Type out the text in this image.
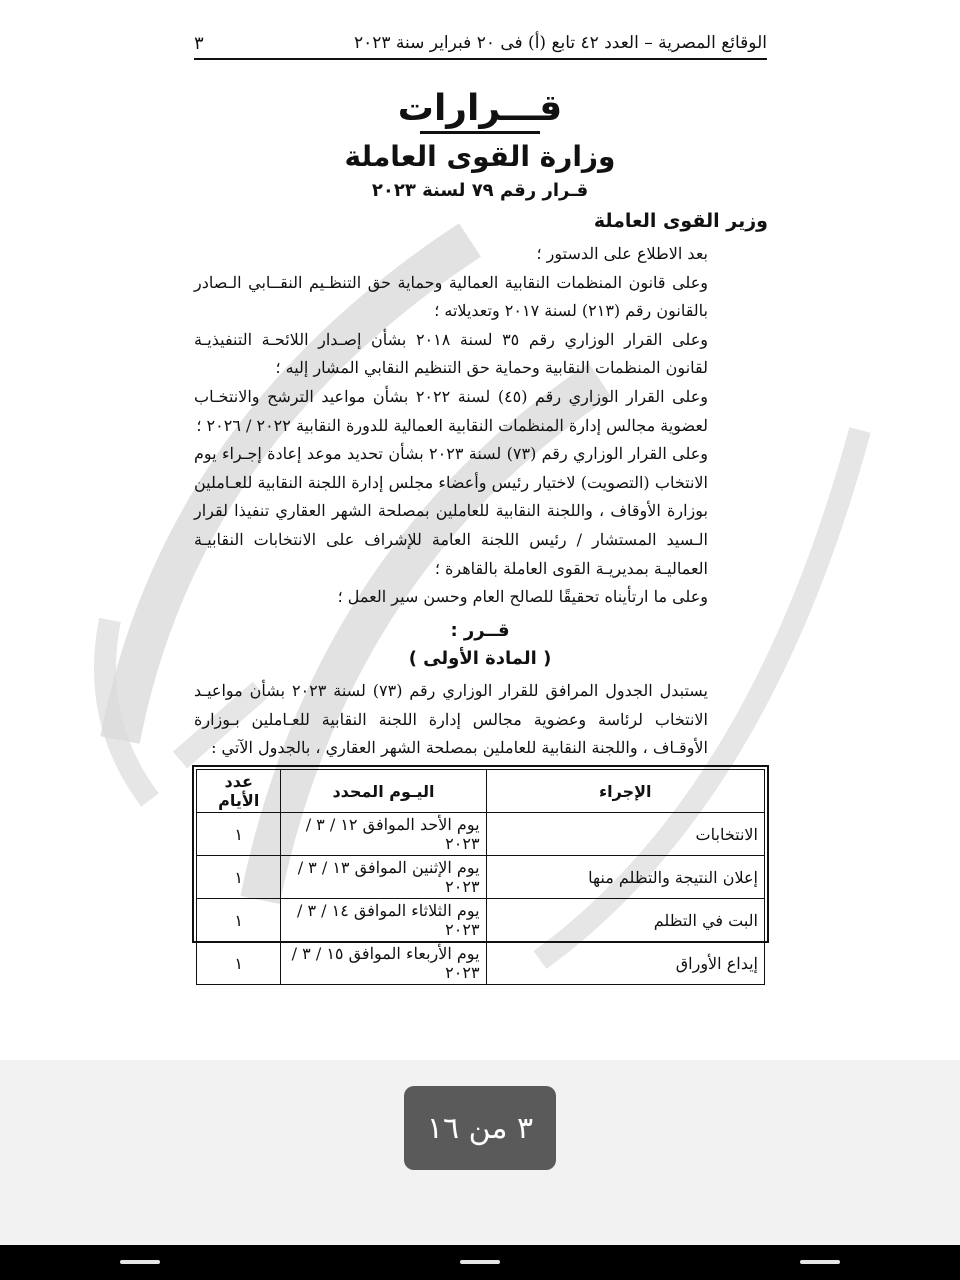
الوقائع المصرية – العدد ٤٢ تابع (أ) فى ٢٠ فبراير سنة ٢٠٢٣
٣
قـــرارات
وزارة القوى العاملة
قـرار رقم ٧٩ لسنة ٢٠٢٣
وزير القوى العاملة

بعد الاطلاع على الدستور ؛

وعلى قانون المنظمات النقابية العمالية وحماية حق التنظـيم النقــابي الـصادر بالقانون رقم (٢١٣) لسنة ٢٠١٧ وتعديلاته ؛

وعلى القرار الوزاري رقم ٣٥ لسنة ٢٠١٨ بشأن إصـدار اللائحـة التنفيذيـة لقانون المنظمات النقابية وحماية حق التنظيم النقابي المشار إليه ؛

وعلى القرار الوزاري رقم (٤٥) لسنة ٢٠٢٢ بشأن مواعيد الترشح والانتخـاب لعضوية مجالس إدارة المنظمات النقابية العمالية للدورة النقابية ٢٠٢٢ / ٢٠٢٦ ؛

وعلى القرار الوزاري رقم (٧٣) لسنة ٢٠٢٣ بشأن تحديد موعد إعادة إجـراء يوم الانتخاب (التصويت) لاختيار رئيس وأعضاء مجلس إدارة اللجنة النقابية للعـاملين بوزارة الأوقاف ، واللجنة النقابية للعاملين بمصلحة الشهر العقاري تنفيذا لقرار الـسيد المستشار / رئيس اللجنة العامة للإشراف على الانتخابات النقابيـة العماليـة بمديريـة القوى العاملة بالقاهرة ؛

وعلى ما ارتأيناه تحقيقًا للصالح العام وحسن سير العمل ؛

قــرر :
( المادة الأولى )

يستبدل الجدول المرافق للقرار الوزاري رقم (٧٣) لسنة ٢٠٢٣ بشأن مواعيـد الانتخاب لرئاسة وعضوية مجالس إدارة اللجنة النقابية للعـاملين بـوزارة الأوقـاف ، واللجنة النقابية للعاملين بمصلحة الشهر العقاري ، بالجدول الآتي :

الإجراء	اليـوم المحدد	عدد الأيام
الانتخابات	يوم الأحد الموافق ١٢ / ٣ / ٢٠٢٣	١
إعلان النتيجة والتظلم منها	يوم الإثنين الموافق ١٣ / ٣ / ٢٠٢٣	١
البت في التظلم	يوم الثلاثاء الموافق ١٤ / ٣ / ٢٠٢٣	١
إيداع الأوراق	يوم الأربعاء الموافق ١٥ / ٣ / ٢٠٢٣	١
٣ من ١٦
